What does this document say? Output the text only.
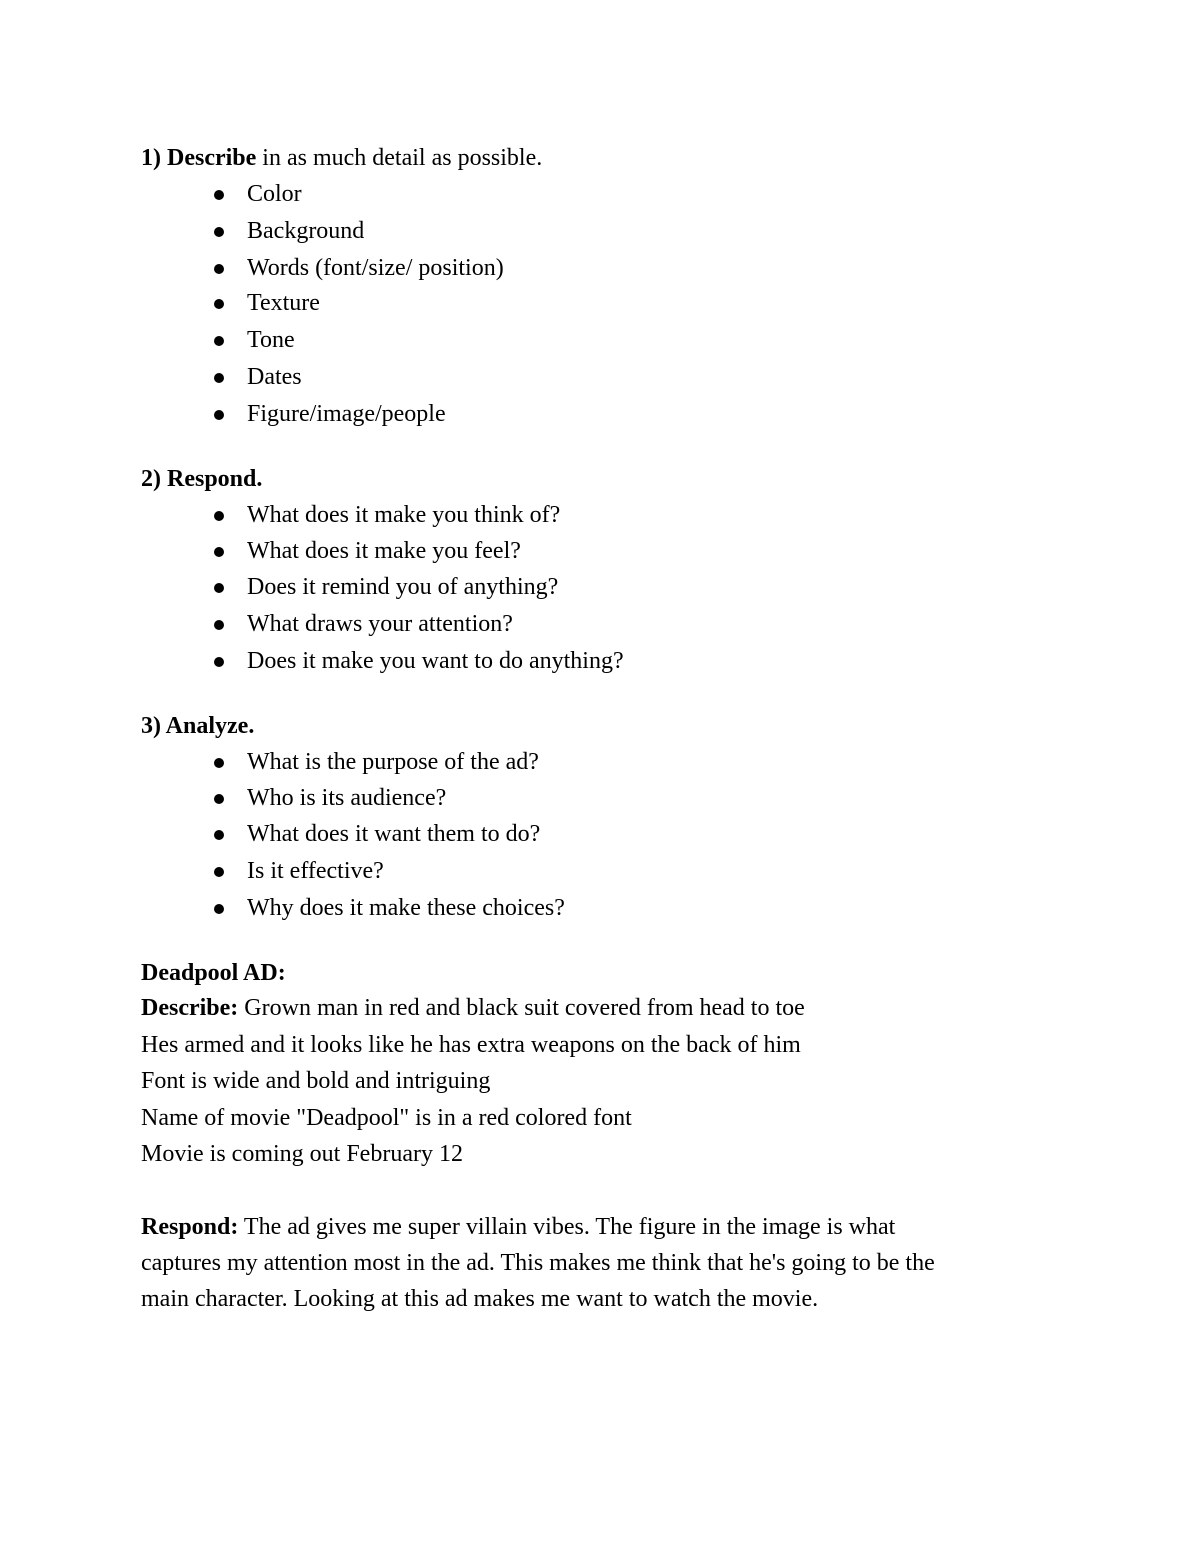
1) Describe in as much detail as possible.
Color
Background
Words (font/size/ position)
Texture
Tone
Dates
Figure/image/people
2) Respond.
What does it make you think of?
What does it make you feel?
Does it remind you of anything?
What draws your attention?
Does it make you want to do anything?
3) Analyze.
What is the purpose of the ad?
Who is its audience?
What does it want them to do?
Is it effective?
Why does it make these choices?
Deadpool AD:
Describe: Grown man in red and black suit covered from head to toe
Hes armed and it looks like he has extra weapons on the back of him
Font is wide and bold and intriguing
Name of movie "Deadpool" is in a red colored font
Movie is coming out February 12
Respond: The ad gives me super villain vibes. The figure in the image is what
captures my attention most in the ad. This makes me think that he's going to be the
main character. Looking at this ad makes me want to watch the movie.
